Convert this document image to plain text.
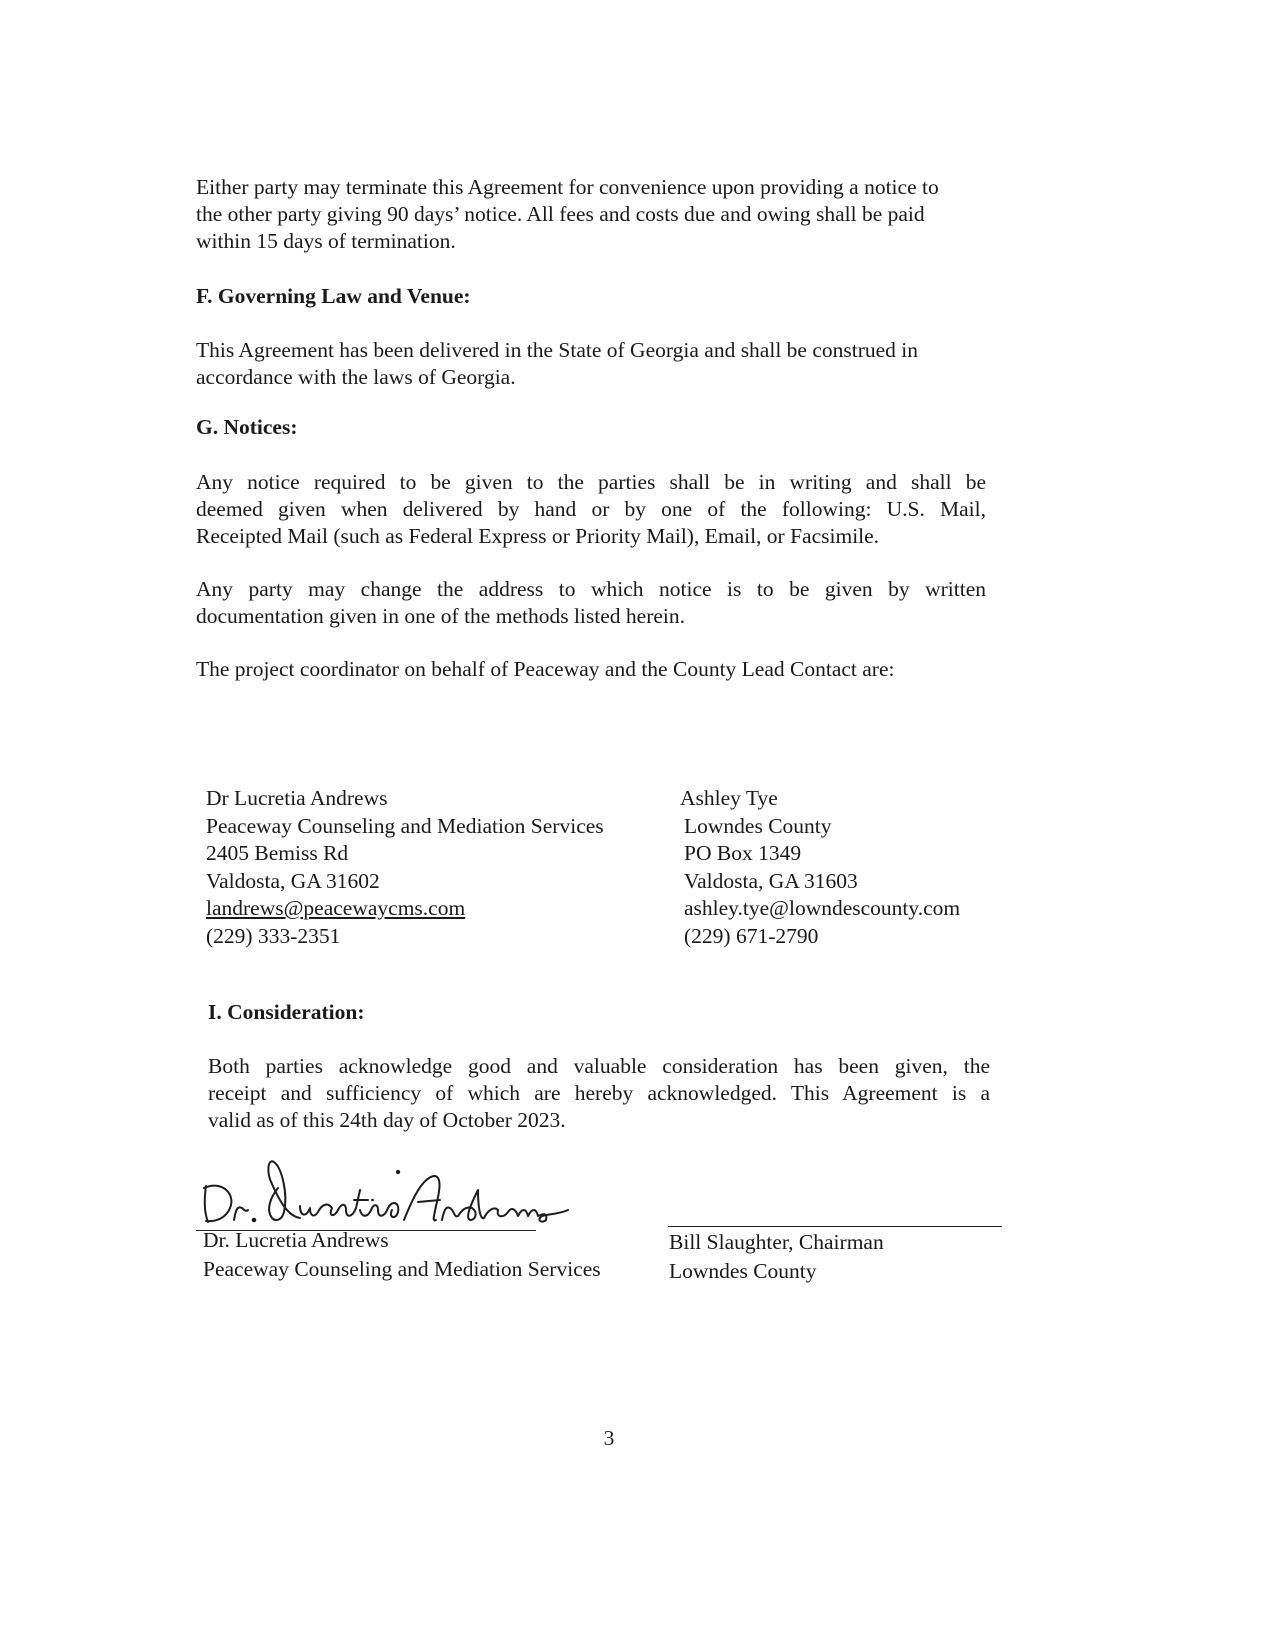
Either party may terminate this Agreement for convenience upon providing a notice to
the other party giving 90 days’ notice. All fees and costs due and owing shall be paid
within 15 days of termination.
F. Governing Law and Venue:
This Agreement has been delivered in the State of Georgia and shall be construed in
accordance with the laws of Georgia.
G. Notices:
Any notice required to be given to the parties shall be in writing and shall be
deemed given when delivered by hand or by one of the following: U.S. Mail,
Receipted Mail (such as Federal Express or Priority Mail), Email, or Facsimile.
Any party may change the address to which notice is to be given by written
documentation given in one of the methods listed herein.
The project coordinator on behalf of Peaceway and the County Lead Contact are:
Dr Lucretia Andrews
Peaceway Counseling and Mediation Services
2405 Bemiss Rd
Valdosta, GA 31602
landrews@peacewaycms.com
(229) 333-2351
Ashley Tye
Lowndes County
PO Box 1349
Valdosta, GA 31603
ashley.tye@lowndescounty.com
(229) 671-2790
I. Consideration:
Both parties acknowledge good and valuable consideration has been given, the
receipt and sufficiency of which are hereby acknowledged. This Agreement is a
valid as of this 24th day of October 2023.
Dr. Lucretia Andrews
Peaceway Counseling and Mediation Services
Bill Slaughter, Chairman
Lowndes County
3
